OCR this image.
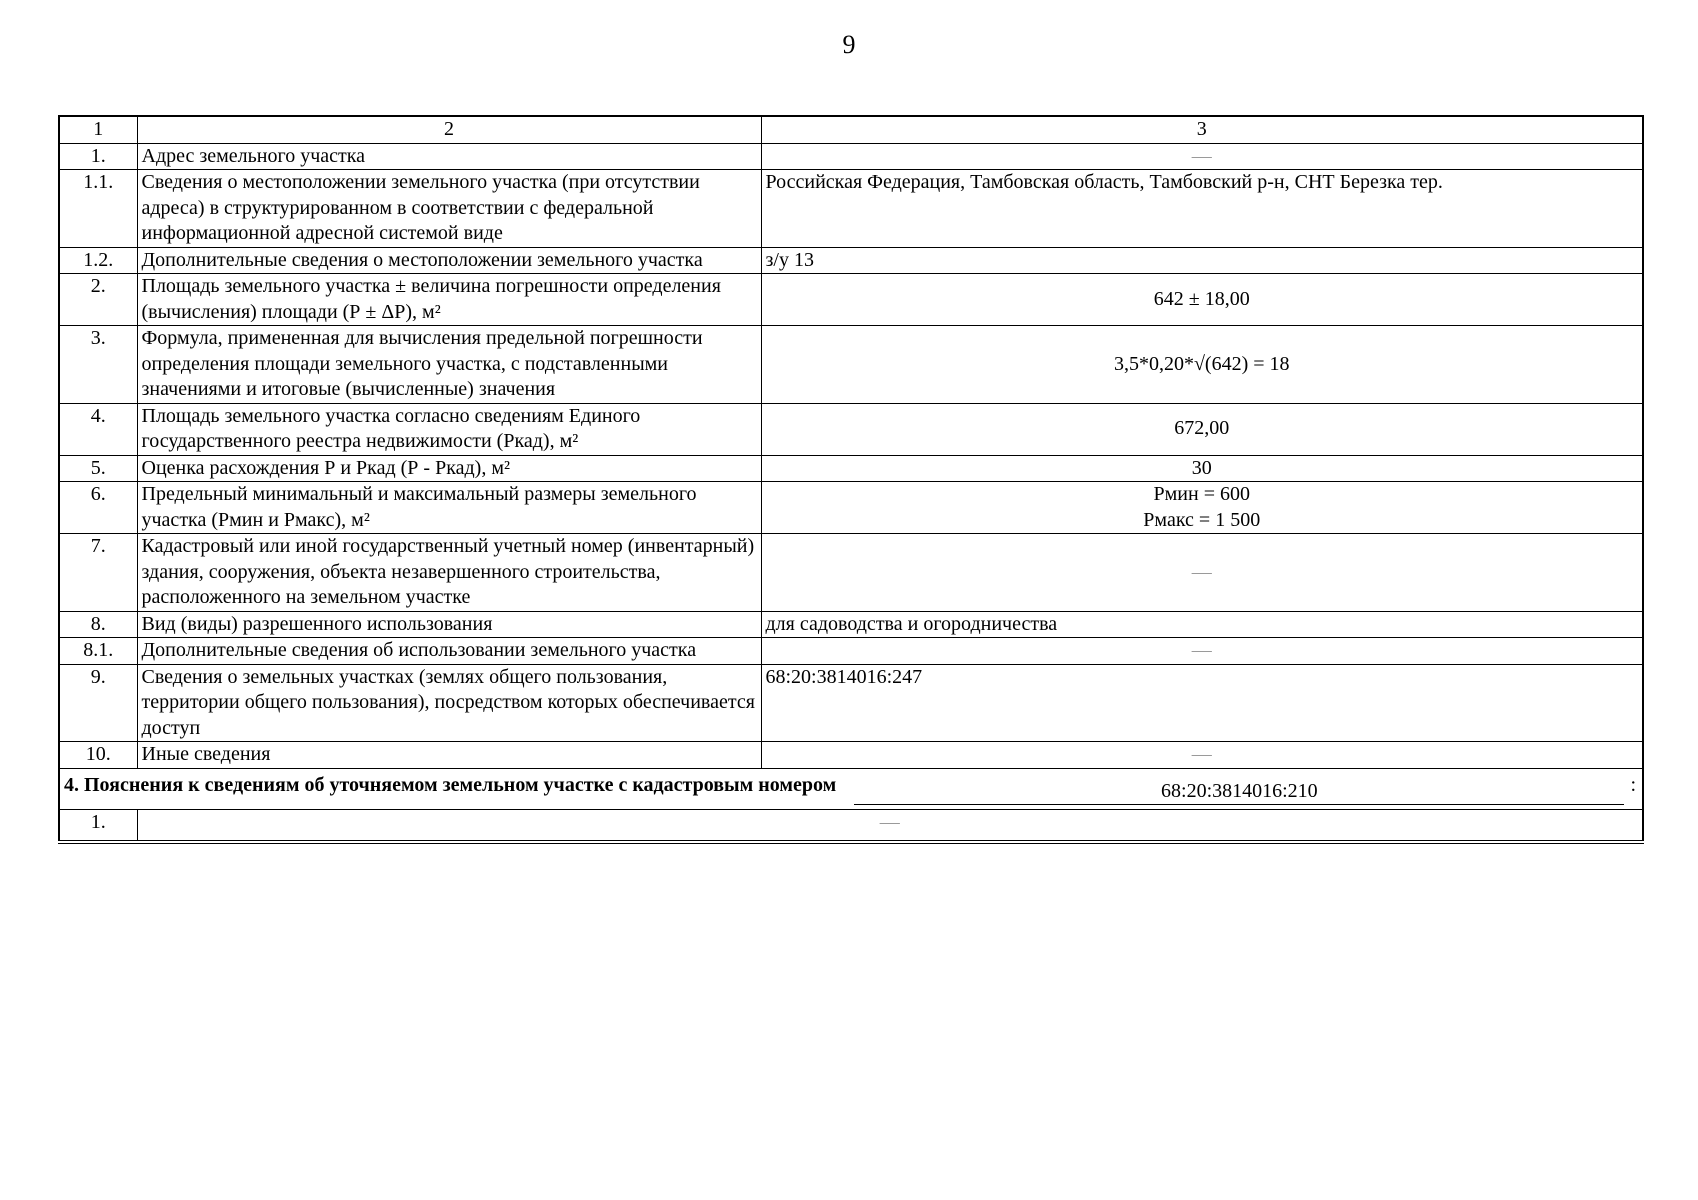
9
1	2	3
1.	Адрес земельного участка	—
1.1.	Сведения о местоположении земельного участка (при отсутствии адреса) в структурированном в соответствии с федеральной информационной адресной системой виде	Российская Федерация, Тамбовская область, Тамбовский р-н, СНТ Березка тер.
1.2.	Дополнительные сведения о местоположении земельного участка	з/у 13
2.	Площадь земельного участка ± величина погрешности определения (вычисления) площади (Р ± ΔР), м²	642 ± 18,00
3.	Формула, примененная для вычисления предельной погрешности определения площади земельного участка, с подставленными значениями и итоговые (вычисленные) значения	3,5*0,20*√(642) = 18
4.	Площадь земельного участка согласно сведениям Единого государственного реестра недвижимости (Ркад), м²	672,00
5.	Оценка расхождения Р и Ркад (Р - Ркад), м²	30
6.	Предельный минимальный и максимальный размеры земельного участка (Рмин и Рмакс), м²	Рмин = 600
Рмакс = 1 500

7.	Кадастровый или иной государственный учетный номер (инвентарный) здания, сооружения, объекта незавершенного строительства, расположенного на земельном участке	—
8.	Вид (виды) разрешенного использования	для садоводства и огородничества
8.1.	Дополнительные сведения об использовании земельного участка	—
9.	Сведения о земельных участках (землях общего пользования, территории общего пользования), посредством которых обеспечивается доступ	68:20:3814016:247
10.	Иные сведения	—

4. Пояснения к сведениям об уточняемом земельном участке с кадастровым номером 68:20:3814016:210 :		

1.	—	
